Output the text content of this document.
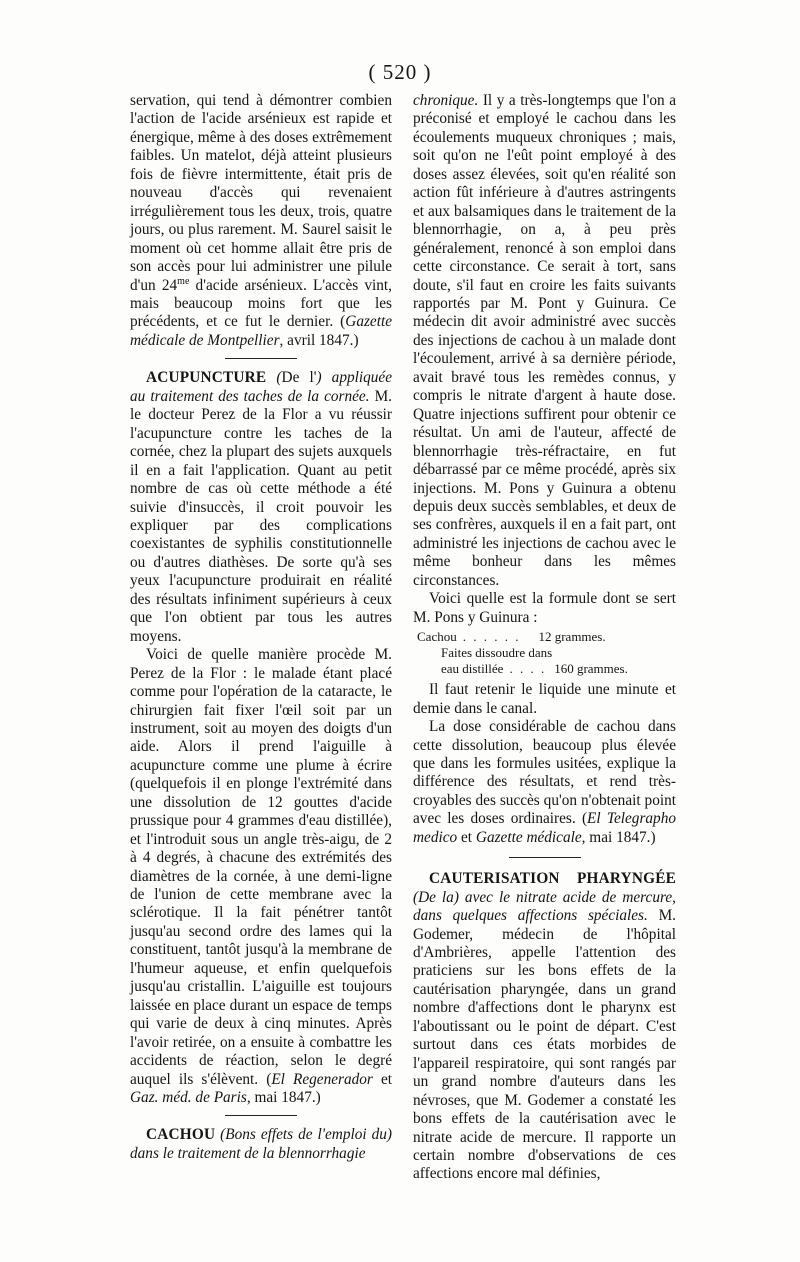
( 520 )

servation, qui tend à démontrer combien l'action de l'acide arsénieux est rapide et énergique, même à des doses extrêmement faibles. Un matelot, déjà atteint plusieurs fois de fièvre intermittente, était pris de nouveau d'accès qui revenaient irrégulièrement tous les deux, trois, quatre jours, ou plus rarement. M. Saurel saisit le moment où cet homme allait être pris de son accès pour lui administrer une pilule d'un $24^{me}$ d'acide arsénieux. L'accès vint, mais beaucoup moins fort que les précédents, et ce fut le dernier. (Gazette médicale de Montpellier, avril 1847.)

ACUPUNCTURE (De l') appliquée au traitement des taches de la cornée. M. le docteur Perez de la Flor a vu réussir l'acupuncture contre les taches de la cornée, chez la plupart des sujets auxquels il en a fait l'application. Quant au petit nombre de cas où cette méthode a été suivie d'insuccès, il croit pouvoir les expliquer par des complications coexistantes de syphilis constitutionnelle ou d'autres diathèses. De sorte qu'à ses yeux l'acupuncture produirait en réalité des résultats infiniment supérieurs à ceux que l'on obtient par tous les autres moyens.

Voici de quelle manière procède M. Perez de la Flor : le malade étant placé comme pour l'opération de la cataracte, le chirurgien fait fixer l'œil soit par un instrument, soit au moyen des doigts d'un aide. Alors il prend l'aiguille à acupuncture comme une plume à écrire (quelquefois il en plonge l'extrémité dans une dissolution de 12 gouttes d'acide prussique pour 4 grammes d'eau distillée), et l'introduit sous un angle très-aigu, de 2 à 4 degrés, à chacune des extrémités des diamètres de la cornée, à une demi-ligne de l'union de cette membrane avec la sclérotique. Il la fait pénétrer tantôt jusqu'au second ordre des lames qui la constituent, tantôt jusqu'à la membrane de l'humeur aqueuse, et enfin quelquefois jusqu'au cristallin. L'aiguille est toujours laissée en place durant un espace de temps qui varie de deux à cinq minutes. Après l'avoir retirée, on a ensuite à combattre les accidents de réaction, selon le degré auquel ils s'élèvent. (El Regenerador et Gaz. méd. de Paris, mai 1847.)

CACHOU (Bons effets de l'emploi du) dans le traitement de la blennorrhagie

chronique. Il y a très-longtemps que l'on a préconisé et employé le cachou dans les écoulements muqueux chroniques ; mais, soit qu'on ne l'eût point employé à des doses assez élevées, soit qu'en réalité son action fût inférieure à d'autres astringents et aux balsamiques dans le traitement de la blennorrhagie, on a, à peu près généralement, renoncé à son emploi dans cette circonstance. Ce serait à tort, sans doute, s'il faut en croire les faits suivants rapportés par M. Pont y Guinura. Ce médecin dit avoir administré avec succès des injections de cachou à un malade dont l'écoulement, arrivé à sa dernière période, avait bravé tous les remèdes connus, y compris le nitrate d'argent à haute dose. Quatre injections suffirent pour obtenir ce résultat. Un ami de l'auteur, affecté de blennorrhagie très-réfractaire, en fut débarrassé par ce même procédé, après six injections. M. Pons y Guinura a obtenu depuis deux succès semblables, et deux de ses confrères, auxquels il en a fait part, ont administré les injections de cachou avec le même bonheur dans les mêmes circonstances.

Voici quelle est la formule dont se sert M. Pons y Guinura :

Cachou . . . . . . 12 grammes.
Faites dissoudre dans
eau distillée . . . . 160 grammes.

Il faut retenir le liquide une minute et demie dans le canal.

La dose considérable de cachou dans cette dissolution, beaucoup plus élevée que dans les formules usitées, explique la différence des résultats, et rend très-croyables des succès qu'on n'obtenait point avec les doses ordinaires. (El Telegrapho medico et Gazette médicale, mai 1847.)

CAUTERISATION PHARYNGÉE (De la) avec le nitrate acide de mercure, dans quelques affections spéciales. M. Godemer, médecin de l'hôpital d'Ambrières, appelle l'attention des praticiens sur les bons effets de la cautérisation pharyngée, dans un grand nombre d'affections dont le pharynx est l'aboutissant ou le point de départ. C'est surtout dans ces états morbides de l'appareil respiratoire, qui sont rangés par un grand nombre d'auteurs dans les névroses, que M. Godemer a constaté les bons effets de la cautérisation avec le nitrate acide de mercure. Il rapporte un certain nombre d'observations de ces affections encore mal définies,
